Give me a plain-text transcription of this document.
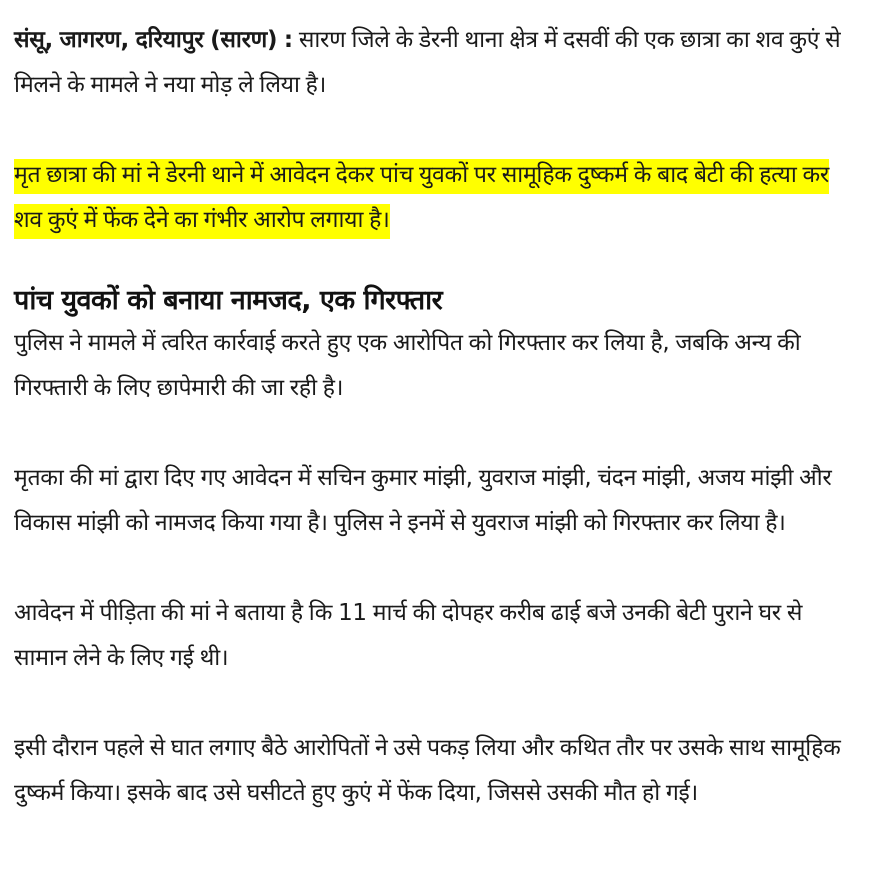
संसू, जागरण, दरियापुर (सारण) : सारण जिले के डेरनी थाना क्षेत्र में दसवीं की एक छात्रा का शव कुएं से मिलने के मामले ने नया मोड़ ले लिया है।

मृत छात्रा की मां ने डेरनी थाने में आवेदन देकर पांच युवकों पर सामूहिक दुष्कर्म के बाद बेटी की हत्या कर शव कुएं में फेंक देने का गंभीर आरोप लगाया है।

पांच युवकों को बनाया नामजद, एक गिरफ्तार

पुलिस ने मामले में त्वरित कार्रवाई करते हुए एक आरोपित को गिरफ्तार कर लिया है, जबकि अन्य की गिरफ्तारी के लिए छापेमारी की जा रही है।

मृतका की मां द्वारा दिए गए आवेदन में सचिन कुमार मांझी, युवराज मांझी, चंदन मांझी, अजय मांझी और विकास मांझी को नामजद किया गया है। पुलिस ने इनमें से युवराज मांझी को गिरफ्तार कर लिया है।

आवेदन में पीड़िता की मां ने बताया है कि 11 मार्च की दोपहर करीब ढाई बजे उनकी बेटी पुराने घर से सामान लेने के लिए गई थी।

इसी दौरान पहले से घात लगाए बैठे आरोपितों ने उसे पकड़ लिया और कथित तौर पर उसके साथ सामूहिक दुष्कर्म किया। इसके बाद उसे घसीटते हुए कुएं में फेंक दिया, जिससे उसकी मौत हो गई।
